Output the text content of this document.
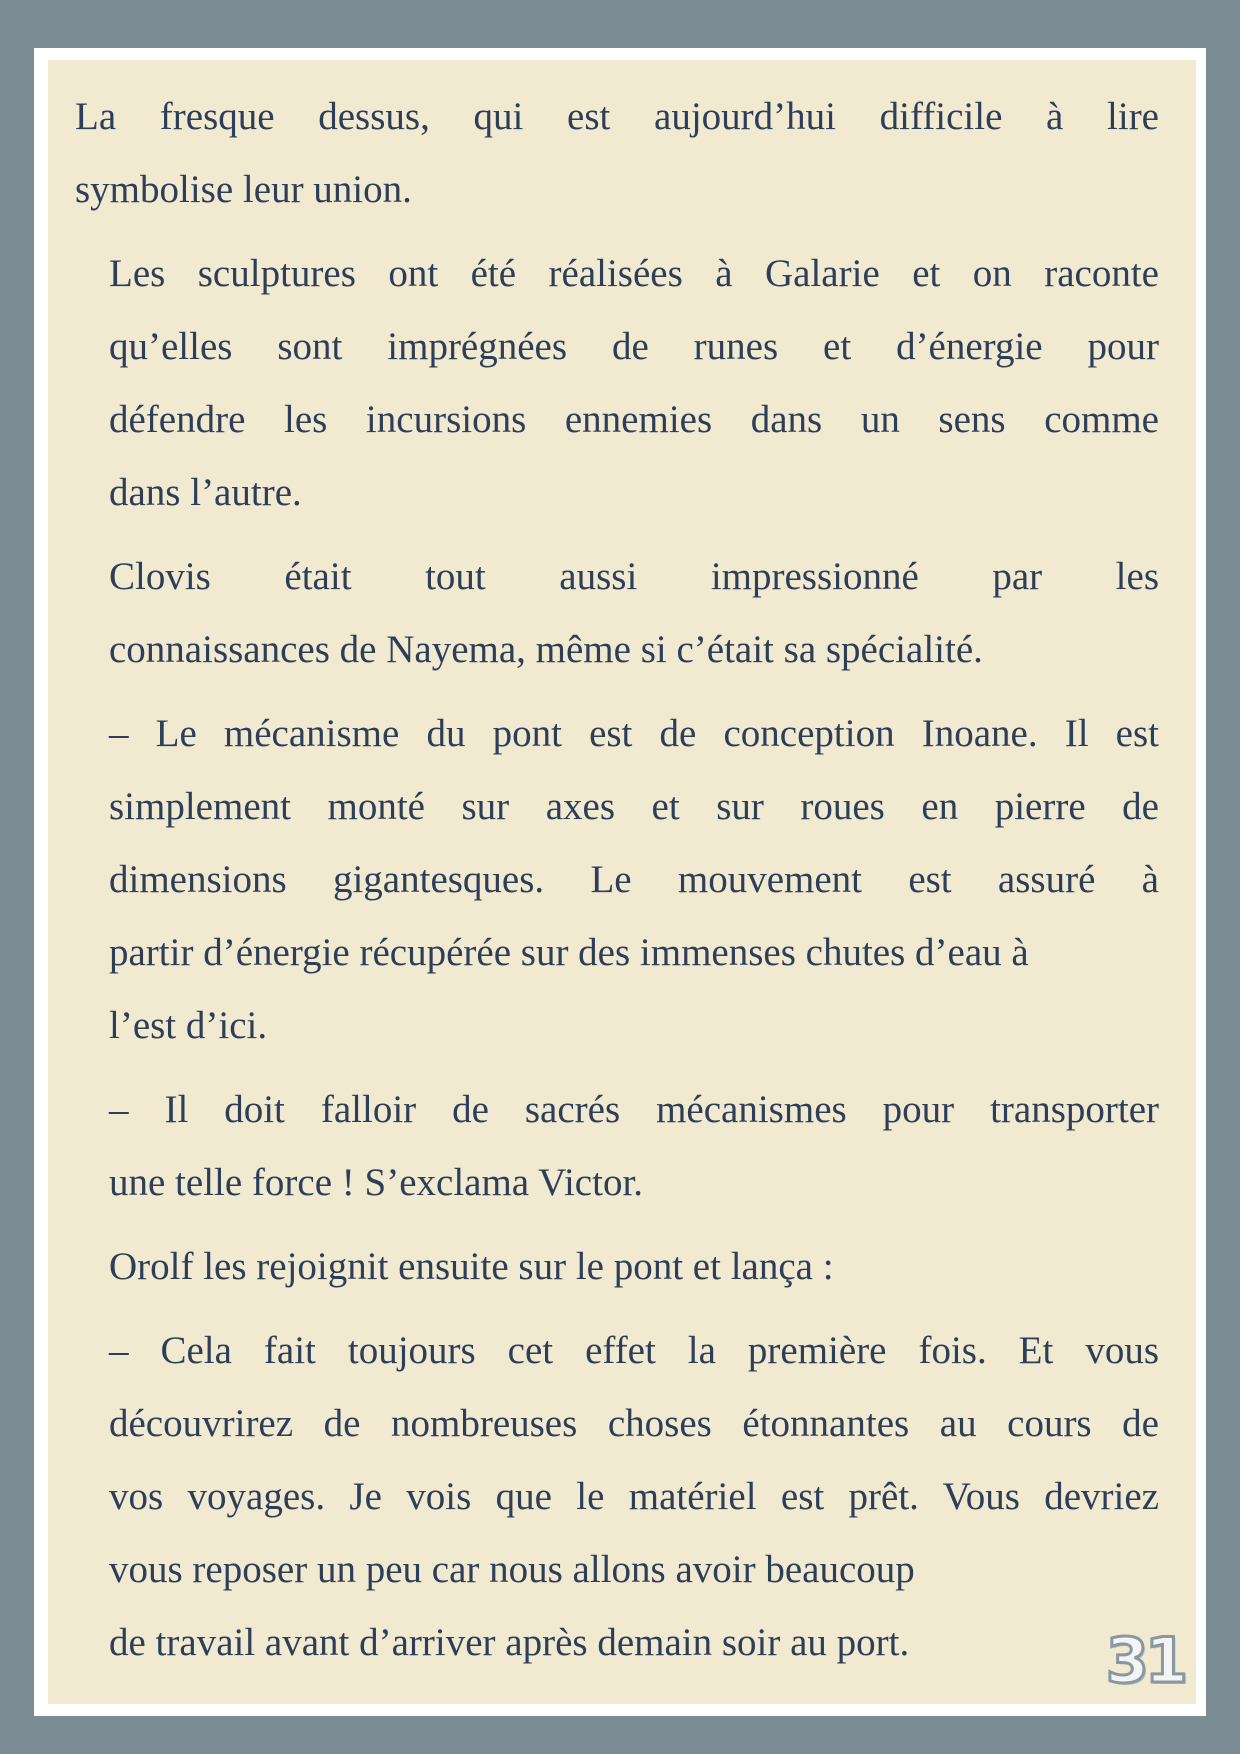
La fresque dessus, qui est aujourd’hui difficile à lire
symbolise leur union.

Les sculptures ont été réalisées à Galarie et on raconte
qu’elles sont imprégnées de runes et d’énergie pour
défendre les incursions ennemies dans un sens comme
dans l’autre.

Clovis était tout aussi impressionné par les
connaissances de Nayema, même si c’était sa spécialité.

– Le mécanisme du pont est de conception Inoane. Il est
simplement monté sur axes et sur roues en pierre de
dimensions gigantesques. Le mouvement est assuré à
partir d’énergie récupérée sur des immenses chutes d’eau à
l’est d’ici.

– Il doit falloir de sacrés mécanismes pour transporter
une telle force ! S’exclama Victor.

Orolf les rejoignit ensuite sur le pont et lança :

– Cela fait toujours cet effet la première fois. Et vous
découvrirez de nombreuses choses étonnantes au cours de
vos voyages. Je vois que le matériel est prêt. Vous devriez
vous reposer un peu car nous allons avoir beaucoup
de travail avant d’arriver après demain soir au port.	31
